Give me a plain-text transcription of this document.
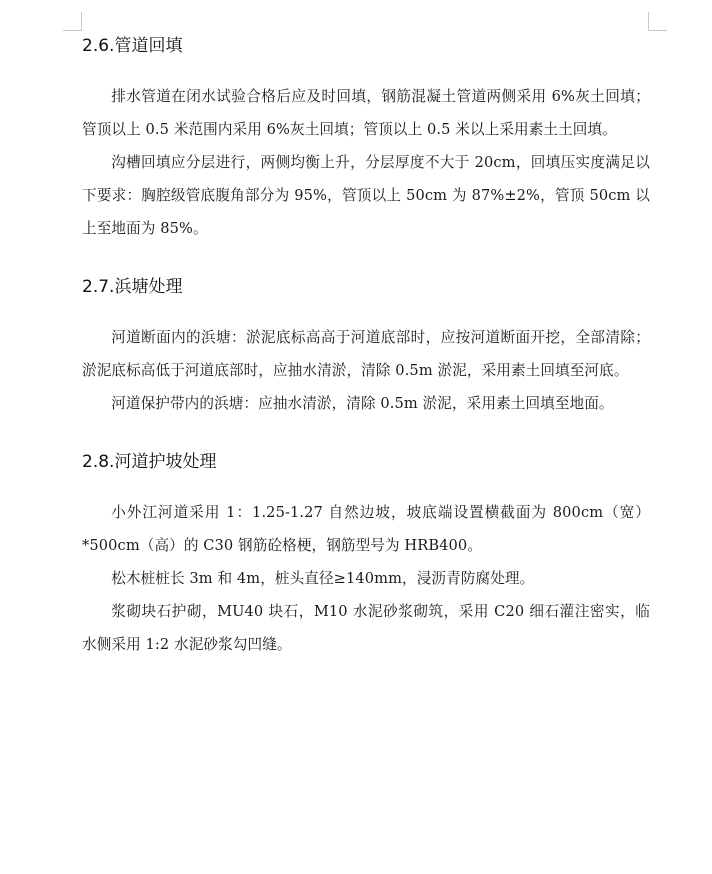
2.6.管道回填

排水管道在闭水试验合格后应及时回填，钢筋混凝土管道两侧采用 6%灰土回填；管顶以上 0.5 米范围内采用 6%灰土回填；管顶以上 0.5 米以上采用素土土回填。

沟槽回填应分层进行，两侧均衡上升，分层厚度不大于 20cm，回填压实度满足以下要求：胸腔级管底腹角部分为 95%，管顶以上 50cm 为 87%±2%，管顶 50cm 以上至地面为 85%。

2.7.浜塘处理

河道断面内的浜塘：淤泥底标高高于河道底部时，应按河道断面开挖，全部清除；淤泥底标高低于河道底部时，应抽水清淤，清除 0.5m 淤泥，采用素土回填至河底。

河道保护带内的浜塘：应抽水清淤，清除 0.5m 淤泥，采用素土回填至地面。

2.8.河道护坡处理

小外江河道采用 1：1.25-1.27 自然边坡，坡底端设置横截面为 800cm（宽）*500cm（高）的 C30 钢筋砼格梗，钢筋型号为 HRB400。

松木桩桩长 3m 和 4m，桩头直径≥140mm，浸沥青防腐处理。

浆砌块石护砌，MU40 块石，M10 水泥砂浆砌筑，采用 C20 细石灌注密实，临水侧采用 1:2 水泥砂浆勾凹缝。
